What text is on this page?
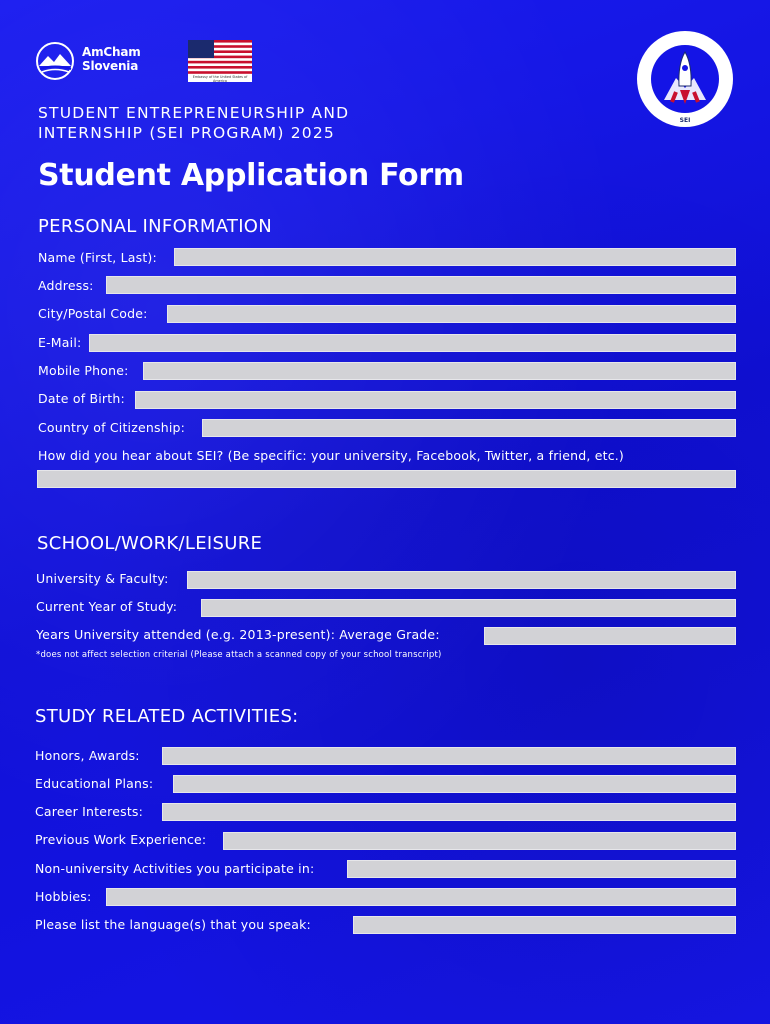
AmCham
Slovenia
Embassy of the United States of America
SEI
STUDENT ENTREPRENEURSHIP AND
INTERNSHIP (SEI PROGRAM) 2025
Student Application Form
PERSONAL INFORMATION
Name (First, Last):
Address:
City/Postal Code:
E-Mail:
Mobile Phone:
Date of Birth:
Country of Citizenship:
How did you hear about SEI? (Be specific: your university, Facebook, Twitter, a friend, etc.)
SCHOOL/WORK/LEISURE
University & Faculty:
Current Year of Study:
Years University attended (e.g. 2013-present): Average Grade:
*does not affect selection criterial (Please attach a scanned copy of your school transcript)
STUDY RELATED ACTIVITIES:
Honors, Awards:
Educational Plans:
Career Interests:
Previous Work Experience:
Non-university Activities you participate in:
Hobbies:
Please list the language(s) that you speak:
